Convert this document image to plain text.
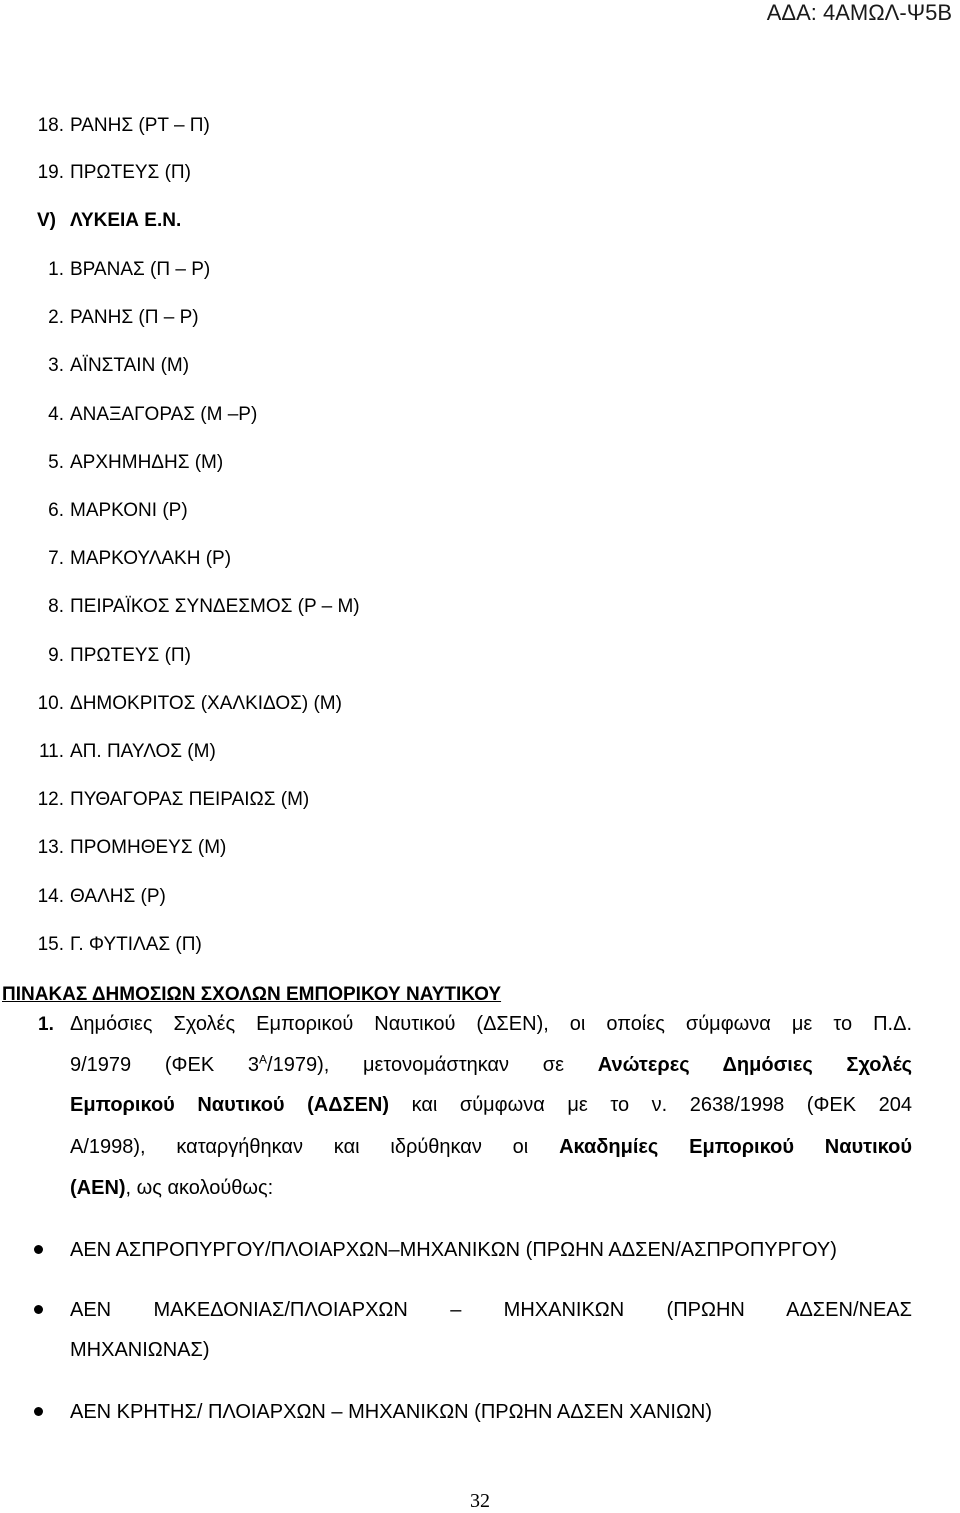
ΑΔΑ: 4ΑΜΩΛ-Ψ5Β
18. ΡΑΝΗΣ (ΡΤ – Π)
19. ΠΡΩΤΕΥΣ (Π)
V) ΛΥΚΕΙΑ Ε.Ν.
1. ΒΡΑΝΑΣ (Π – Ρ)
2. ΡΑΝΗΣ (Π – Ρ)
3. ΑΪΝΣΤΑΙΝ (Μ)
4. ΑΝΑΞΑΓΟΡΑΣ (Μ –Ρ)
5. ΑΡΧΗΜΗΔΗΣ (Μ)
6. ΜΑΡΚΟΝΙ (Ρ)
7. ΜΑΡΚΟΥΛΑΚΗ (Ρ)
8. ΠΕΙΡΑΪΚΟΣ ΣΥΝΔΕΣΜΟΣ (Ρ – Μ)
9. ΠΡΩΤΕΥΣ (Π)
10. ΔΗΜΟΚΡΙΤΟΣ (ΧΑΛΚΙΔΟΣ) (Μ)
11. ΑΠ. ΠΑΥΛΟΣ (Μ)
12. ΠΥΘΑΓΟΡΑΣ ΠΕΙΡΑΙΩΣ (Μ)
13. ΠΡΟΜΗΘΕΥΣ (Μ)
14. ΘΑΛΗΣ (Ρ)
15. Γ. ΦΥΤΙΛΑΣ (Π)
ΠΙΝΑΚΑΣ ΔΗΜΟΣΙΩΝ ΣΧΟΛΩΝ ΕΜΠΟΡΙΚΟΥ ΝΑΥΤΙΚΟΥ
1. Δημόσιες Σχολές Εμπορικού Ναυτικού (ΔΣΕΝ), οι οποίες σύμφωνα με το Π.Δ.
9/1979 (ΦΕΚ $3^A/1979$), μετονομάστηκαν σε Ανώτερες Δημόσιες Σχολές
Εμπορικού Ναυτικού (ΑΔΣΕΝ) και σύμφωνα με το ν. 2638/1998 (ΦΕΚ 204
Α/1998), καταργήθηκαν και ιδρύθηκαν οι Ακαδημίες Εμπορικού Ναυτικού
(ΑΕΝ), ως ακολούθως:
ΑΕΝ ΑΣΠΡΟΠΥΡΓΟΥ/ΠΛΟΙΑΡΧΩΝ–ΜΗΧΑΝΙΚΩΝ (ΠΡΩΗΝ ΑΔΣΕΝ/ΑΣΠΡΟΠΥΡΓΟΥ)
ΑΕΝ ΜΑΚΕΔΟΝΙΑΣ/ΠΛΟΙΑΡΧΩΝ – ΜΗΧΑΝΙΚΩΝ (ΠΡΩΗΝ ΑΔΣΕΝ/ΝΕΑΣ
ΜΗΧΑΝΙΩΝΑΣ)
ΑΕΝ ΚΡΗΤΗΣ/ ΠΛΟΙΑΡΧΩΝ – ΜΗΧΑΝΙΚΩΝ (ΠΡΩΗΝ ΑΔΣΕΝ ΧΑΝΙΩΝ)
32
